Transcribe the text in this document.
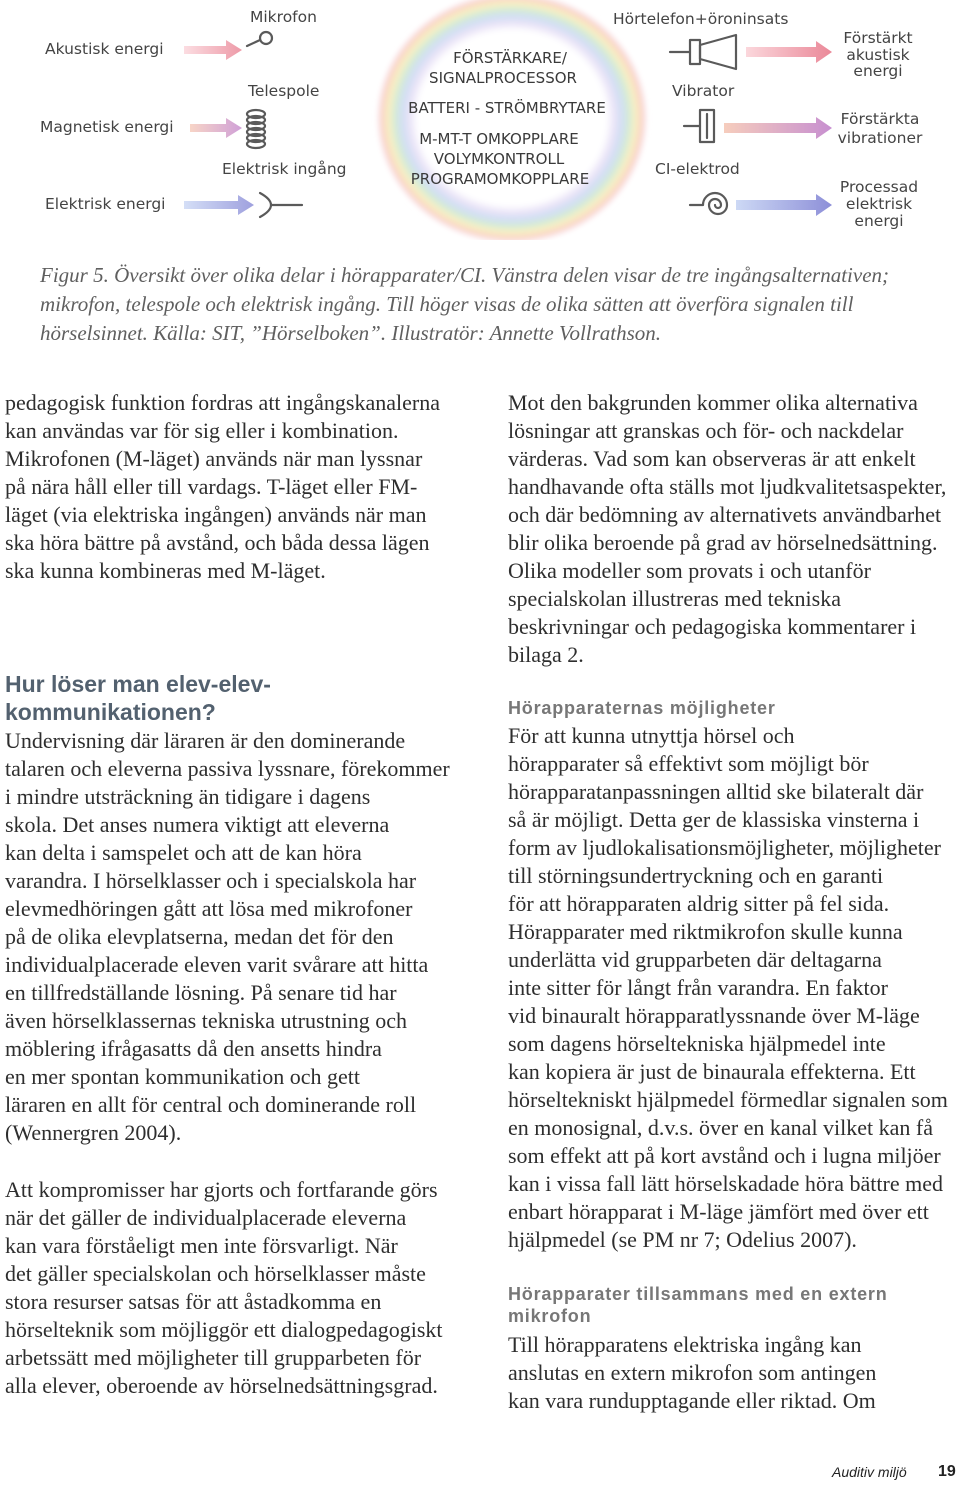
Akustisk energi
Magnetisk energi
Elektrisk energi
Mikrofon
Telespole
Elektrisk ingång
FÖRSTÄRKARE/
SIGNALPROCESSOR
BATTERI - STRÖMBRYTARE
M-MT-T OMKOPPLARE
VOLYMKONTROLL
PROGRAMOMKOPPLARE
Hörtelefon+öroninsats
Vibrator
CI-elektrod
Förstärkt
akustisk
energi
Förstärkta
vibrationer
Processad
elektrisk
energi
Figur 5. Översikt över olika delar i hörapparater/CI. Vänstra delen visar de tre ingångsalternativen;
mikrofon, telespole och elektrisk ingång. Till höger visas de olika sätten att överföra signalen till
hörselsinnet. Källa: SIT, ”Hörselboken”. Illustratör: Annette Vollrathson.
pedagogisk funktion fordras att ingångskanalerna
kan användas var för sig eller i kombination.
Mikrofonen (M-läget) används när man lyssnar
på nära håll eller till vardags. T-läget eller FM-
läget (via elektriska ingången) används när man
ska höra bättre på avstånd, och båda dessa lägen
ska kunna kombineras med M-läget.
Hur löser man elev-elev-
kommunikationen?
Undervisning där läraren är den dominerande
talaren och eleverna passiva lyssnare, förekommer
i mindre utsträckning än tidigare i dagens
skola. Det anses numera viktigt att eleverna
kan delta i samspelet och att de kan höra
varandra. I hörselklasser och i specialskola har
elevmedhöringen gått att lösa med mikrofoner
på de olika elevplatserna, medan det för den
individualplacerade eleven varit svårare att hitta
en tillfredställande lösning. På senare tid har
även hörselklassernas tekniska utrustning och
möblering ifrågasatts då den ansetts hindra
en mer spontan kommunikation och gett
läraren en allt för central och dominerande roll
(Wennergren 2004).
Att kompromisser har gjorts och fortfarande görs
när det gäller de individualplacerade eleverna
kan vara förståeligt men inte försvarligt. När
det gäller specialskolan och hörselklasser måste
stora resurser satsas för att åstadkomma en
hörselteknik som möjliggör ett dialogpedagogiskt
arbetssätt med möjligheter till grupparbeten för
alla elever, oberoende av hörselnedsättningsgrad.
Mot den bakgrunden kommer olika alternativa
lösningar att granskas och för- och nackdelar
värderas. Vad som kan observeras är att enkelt
handhavande ofta ställs mot ljudkvalitetsaspekter,
och där bedömning av alternativets användbarhet
blir olika beroende på grad av hörselnedsättning.
Olika modeller som provats i och utanför
specialskolan illustreras med tekniska
beskrivningar och pedagogiska kommentarer i
bilaga 2.
Hörapparaternas möjligheter
För att kunna utnyttja hörsel och
hörapparater så effektivt som möjligt bör
hörapparatanpassningen alltid ske bilateralt där
så är möjligt. Detta ger de klassiska vinsterna i
form av ljudlokalisationsmöjligheter, möjligheter
till störningsundertryckning och en garanti
för att hörapparaten aldrig sitter på fel sida.
Hörapparater med riktmikrofon skulle kunna
underlätta vid grupparbeten där deltagarna
inte sitter för långt från varandra. En faktor
vid binauralt hörapparatlyssnande över M-läge
som dagens hörseltekniska hjälpmedel inte
kan kopiera är just de binaurala effekterna. Ett
hörseltekniskt hjälpmedel förmedlar signalen som
en monosignal, d.v.s. över en kanal vilket kan få
som effekt att på kort avstånd och i lugna miljöer
kan i vissa fall lätt hörselskadade höra bättre med
enbart hörapparat i M-läge jämfört med över ett
hjälpmedel (se PM nr 7; Odelius 2007).
Hörapparater tillsammans med en extern
mikrofon
Till hörapparatens elektriska ingång kan
anslutas en extern mikrofon som antingen
kan vara rundupptagande eller riktad. Om
Auditiv miljö 19
